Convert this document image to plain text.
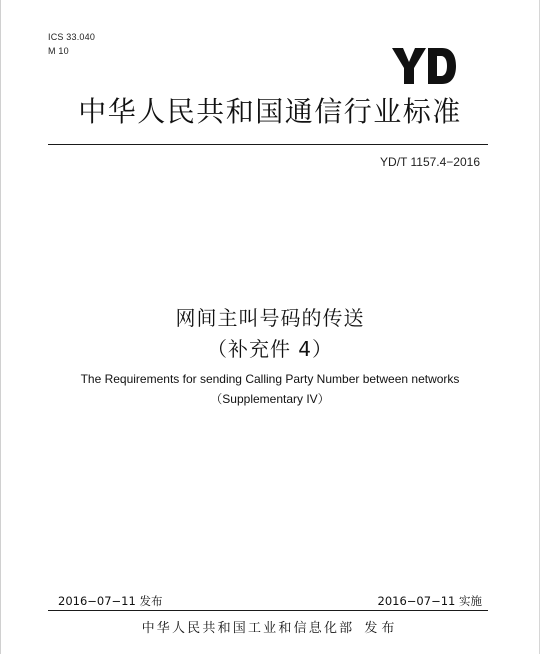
ICS 33.040
M 10
中华人民共和国通信行业标准
YD/T 1157.4−2016
网间主叫号码的传送
（补充件 4）
The Requirements for sending Calling Party Number between networks
（Supplementary IV）
2016−07−11 发布	2016−07−11 实施
中华人民共和国工业和信息化部 发布
